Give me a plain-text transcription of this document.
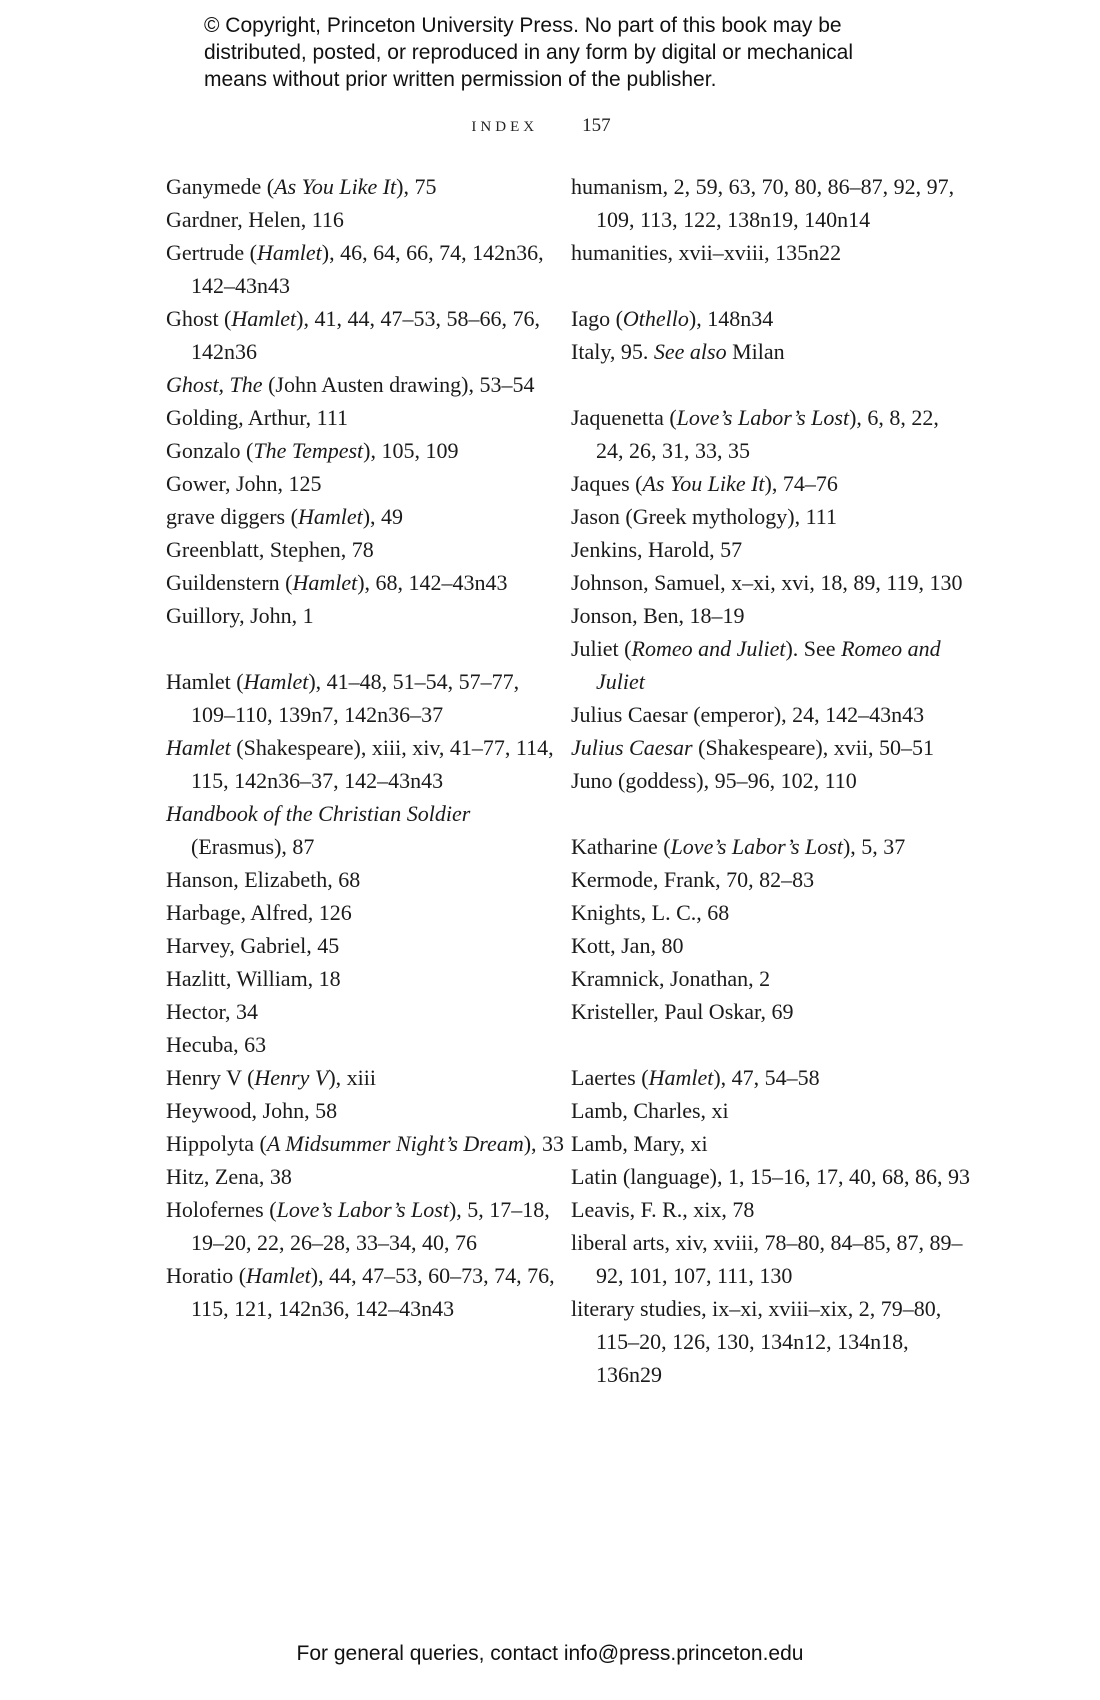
© Copyright, Princeton University Press. No part of this book may be
distributed, posted, or reproduced in any form by digital or mechanical
means without prior written permission of the publisher.
INDEX 157
Ganymede (As You Like It), 75
Gardner, Helen, 116
Gertrude (Hamlet), 46, 64, 66, 74, 142n36, 142–43n43
Ghost (Hamlet), 41, 44, 47–53, 58–66, 76, 142n36
Ghost, The (John Austen drawing), 53–54
Golding, Arthur, 111
Gonzalo (The Tempest), 105, 109
Gower, John, 125
grave diggers (Hamlet), 49
Greenblatt, Stephen, 78
Guildenstern (Hamlet), 68, 142–43n43
Guillory, John, 1
Hamlet (Hamlet), 41–48, 51–54, 57–77, 109–110, 139n7, 142n36–37
Hamlet (Shakespeare), xiii, xiv, 41–77, 114, 115, 142n36–37, 142–43n43
Handbook of the Christian Soldier (Erasmus), 87
Hanson, Elizabeth, 68
Harbage, Alfred, 126
Harvey, Gabriel, 45
Hazlitt, William, 18
Hector, 34
Hecuba, 63
Henry V (Henry V), xiii
Heywood, John, 58
Hippolyta (A Midsummer Night’s Dream), 33
Hitz, Zena, 38
Holofernes (Love’s Labor’s Lost), 5, 17–18, 19–20, 22, 26–28, 33–34, 40, 76
Horatio (Hamlet), 44, 47–53, 60–73, 74, 76, 115, 121, 142n36, 142–43n43
humanism, 2, 59, 63, 70, 80, 86–87, 92, 97, 109, 113, 122, 138n19, 140n14
humanities, xvii–xviii, 135n22
Iago (Othello), 148n34
Italy, 95. See also Milan
Jaquenetta (Love’s Labor’s Lost), 6, 8, 22, 24, 26, 31, 33, 35
Jaques (As You Like It), 74–76
Jason (Greek mythology), 111
Jenkins, Harold, 57
Johnson, Samuel, x–xi, xvi, 18, 89, 119, 130
Jonson, Ben, 18–19
Juliet (Romeo and Juliet). See Romeo and Juliet
Julius Caesar (emperor), 24, 142–43n43
Julius Caesar (Shakespeare), xvii, 50–51
Juno (goddess), 95–96, 102, 110
Katharine (Love’s Labor’s Lost), 5, 37
Kermode, Frank, 70, 82–83
Knights, L. C., 68
Kott, Jan, 80
Kramnick, Jonathan, 2
Kristeller, Paul Oskar, 69
Laertes (Hamlet), 47, 54–58
Lamb, Charles, xi
Lamb, Mary, xi
Latin (language), 1, 15–16, 17, 40, 68, 86, 93
Leavis, F. R., xix, 78
liberal arts, xiv, xviii, 78–80, 84–85, 87, 89–92, 101, 107, 111, 130
literary studies, ix–xi, xviii–xix, 2, 79–80, 115–20, 126, 130, 134n12, 134n18, 136n29
For general queries, contact info@press.princeton.edu
